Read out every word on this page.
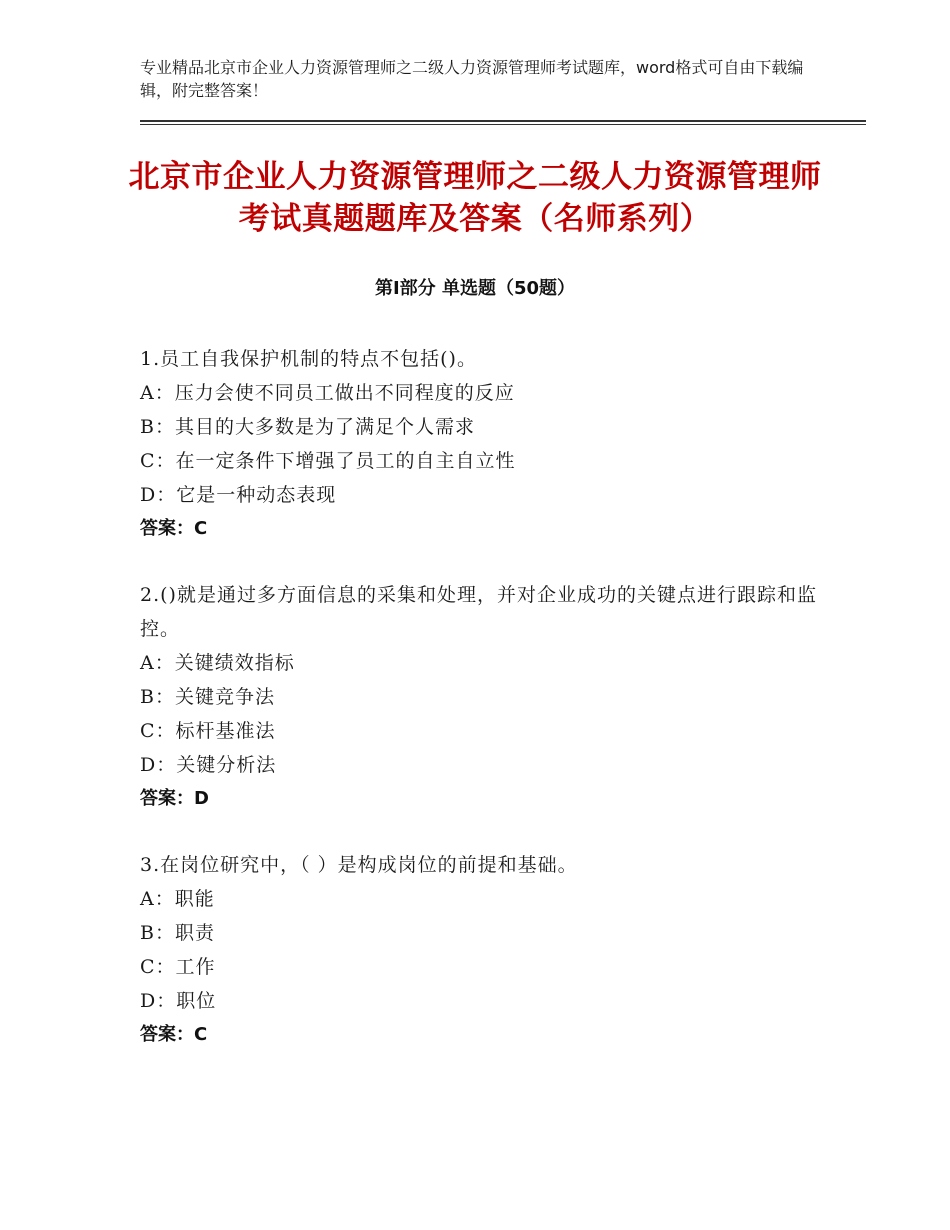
专业精品北京市企业人力资源管理师之二级人力资源管理师考试题库，word格式可自由下载编辑，附完整答案！
北京市企业人力资源管理师之二级人力资源管理师考试真题题库及答案（名师系列）
第Ⅰ部分 单选题（50题）
1.员工自我保护机制的特点不包括()。
A：压力会使不同员工做出不同程度的反应
B：其目的大多数是为了满足个人需求
C：在一定条件下增强了员工的自主自立性
D：它是一种动态表现
答案：C
2.()就是通过多方面信息的采集和处理，并对企业成功的关键点进行跟踪和监控。
A：关键绩效指标
B：关键竞争法
C：标杆基准法
D：关键分析法
答案：D
3.在岗位研究中，（ ）是构成岗位的前提和基础。
A：职能
B：职责
C：工作
D：职位
答案：C
